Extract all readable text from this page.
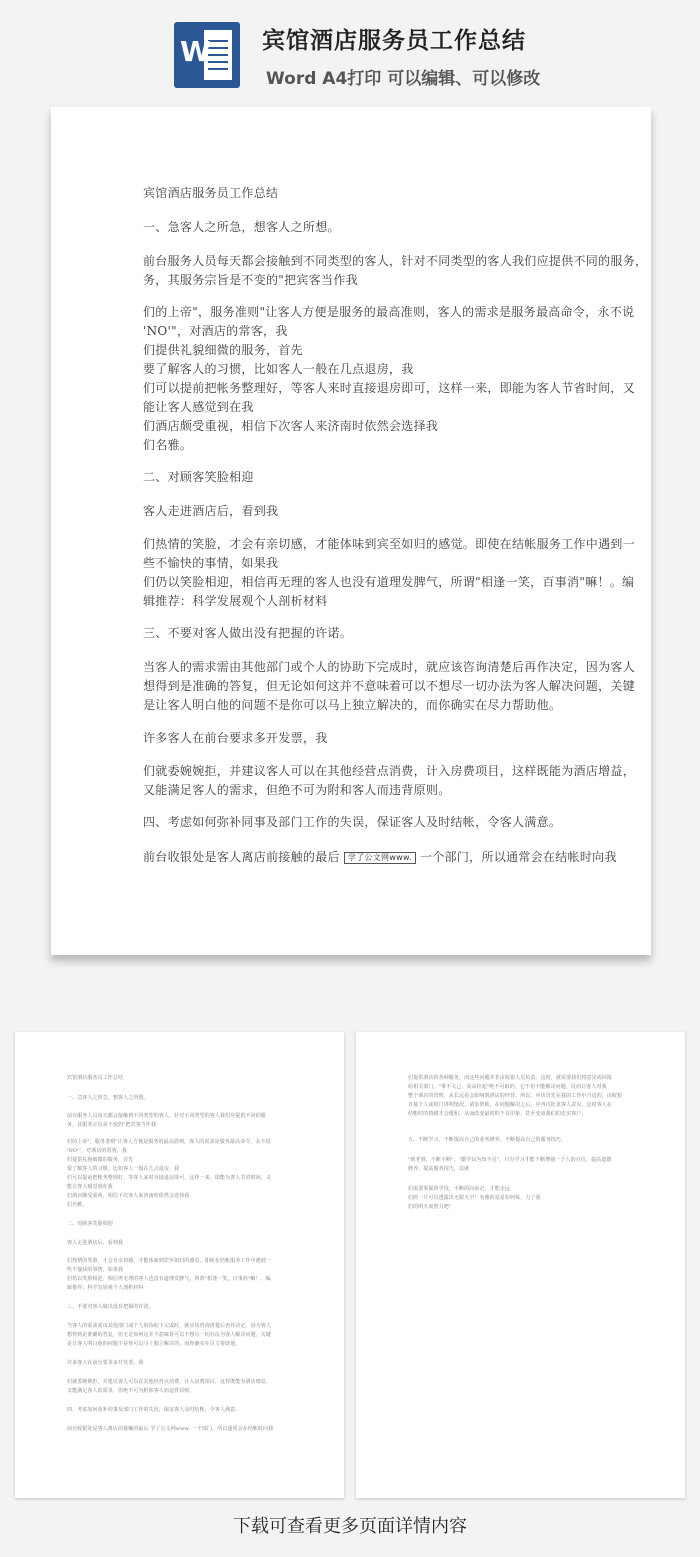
W 宾馆酒店服务员工作总结
Word A4打印 可以编辑、可以修改
前台收银处是客人离店前接触的最后 学了公文网www. 一个部门，所以通常会在结帐时向我
宾馆酒店服务员工作总结
一、急客人之所急，想客人之所想。
前台服务人员每天都会接触到不同类型的客人，针对不同类型的客人我们应提供不同的服务，
务，其服务宗旨是不变的"把宾客当作我
们的上帝"，服务准则"让客人方便是服务的最高准则，客人的需求是服务最高命令，永不说
'NO'"，对酒店的常客，我
们提供礼貌细微的服务，首先
要了解客人的习惯，比如客人一般在几点退房，我
们可以提前把帐务整理好，等客人来时直接退房即可，这样一来，即能为客人节省时间，又
能让客人感觉到在我
们酒店颇受重视，相信下次客人来济南时依然会选择我
们名雅。
二、对顾客笑脸相迎
客人走进酒店后，看到我
们热情的笑脸，才会有亲切感，才能体味到宾至如归的感觉。即使在结帐服务工作中遇到一
些不愉快的事情，如果我
们仍以笑脸相迎，相信再无理的客人也没有道理发脾气，所谓"相逢一笑，百事消"嘛！。编
辑推荐：科学发展观个人剖析材料
三、不要对客人做出没有把握的许诺。
当客人的需求需由其他部门或个人的协助下完成时，就应该咨询清楚后再作决定，因为客人
想得到是准确的答复，但无论如何这并不意味着可以不想尽一切办法为客人解决问题，关键
是让客人明白他的问题不是你可以马上独立解决的，而你确实在尽力帮助他。
许多客人在前台要求多开发票，我
们就委婉婉拒，并建议客人可以在其他经营点消费，计入房费项目，这样既能为酒店增益，
又能满足客人的需求，但绝不可为附和客人而违背原则。
四、考虑如何弥补同事及部门工作的失误，保证客人及时结帐，令客人满意。
宾馆酒店服务员工作总结
一、急客人之所急，想客人之所想。
前台服务人员每天都会接触到不同类型的客人，针对不同类型的客人我们应提供不同的服
务，其服务宗旨是不变的"把宾客当作我
们的上帝"，服务准则"让客人方便是服务的最高准则，客人的需求是服务最高命令，永不说
'NO'"，对酒店的常客，我
们提供礼貌细微的服务，首先
要了解客人的习惯，比如客人一般在几点退房，我
们可以提前把帐务整理好，等客人来时直接退房即可，这样一来，即能为客人节省时间，又
能让客人感觉到在我
们酒店颇受重视，相信下次客人来济南时依然会选择我
们名雅。
二、对顾客笑脸相迎
客人走进酒店后，看到我
们热情的笑脸，才会有亲切感，才能体味到宾至如归的感觉。即使在结帐服务工作中遇到一
些不愉快的事情，如果我
们仍以笑脸相迎，相信再无理的客人也没有道理发脾气，所谓"相逢一笑，百事消"嘛！。编
辑推荐：科学发展观个人剖析材料
三、不要对客人做出没有把握的许诺。
当客人的需求需由其他部门或个人的协助下完成时，就应该咨询清楚后再作决定，因为客人
想得到是准确的答复，但无论如何这并不意味着可以不想尽一切办法为客人解决问题，关键
是让客人明白他的问题不是你可以马上独立解决的，而你确实在尽力帮助他。
许多客人在前台要求多开发票，我
们就委婉婉拒，并建议客人可以在其他经营点消费，计入房费项目，这样既能为酒店增益，
又能满足客人的需求，但绝不可为附和客人而违背原则。
四、考虑如何弥补同事及部门工作的失误，保证客人及时结帐，令客人满意。
前台收银处是客人离店前接触的最后 学了公文网www. 一个部门，所以通常会在结帐时向我
们提供酒店的各种服务，而这些问题并非由收银人员负责。这时，就需要我们将意见或回报
给相关部门。"事不关己，高高挂起"绝不可取的，它不但不能解决问题，反而让客人对我
整个酒店的管理，从长远看会影响到酒店的经营。所以，应该首先在我的工作中合适的，由收银
直接个人或相门讲明情况，请求帮助。在问题解决之后，应再次征求客人意见，这时客人在
结帐时的情绪才会缓和，从而改变最初的不良印象，甚至变成我们的忠实客户。
五、不断学习，不断提高自己的业务修养，不断提高自己的服务技巧。
"到老到，不断不断"，"勤学以为知不足"，只有学习才能不断增强一个人的自信，提高道德
修养，提高服务技巧，以就
们需要掌握的学技，不断的向前走，才能走远
们的一片可以透露出无限天空！名雅的星星如何每，力了我
们的明天而努力吧！
下载可查看更多页面详情内容
